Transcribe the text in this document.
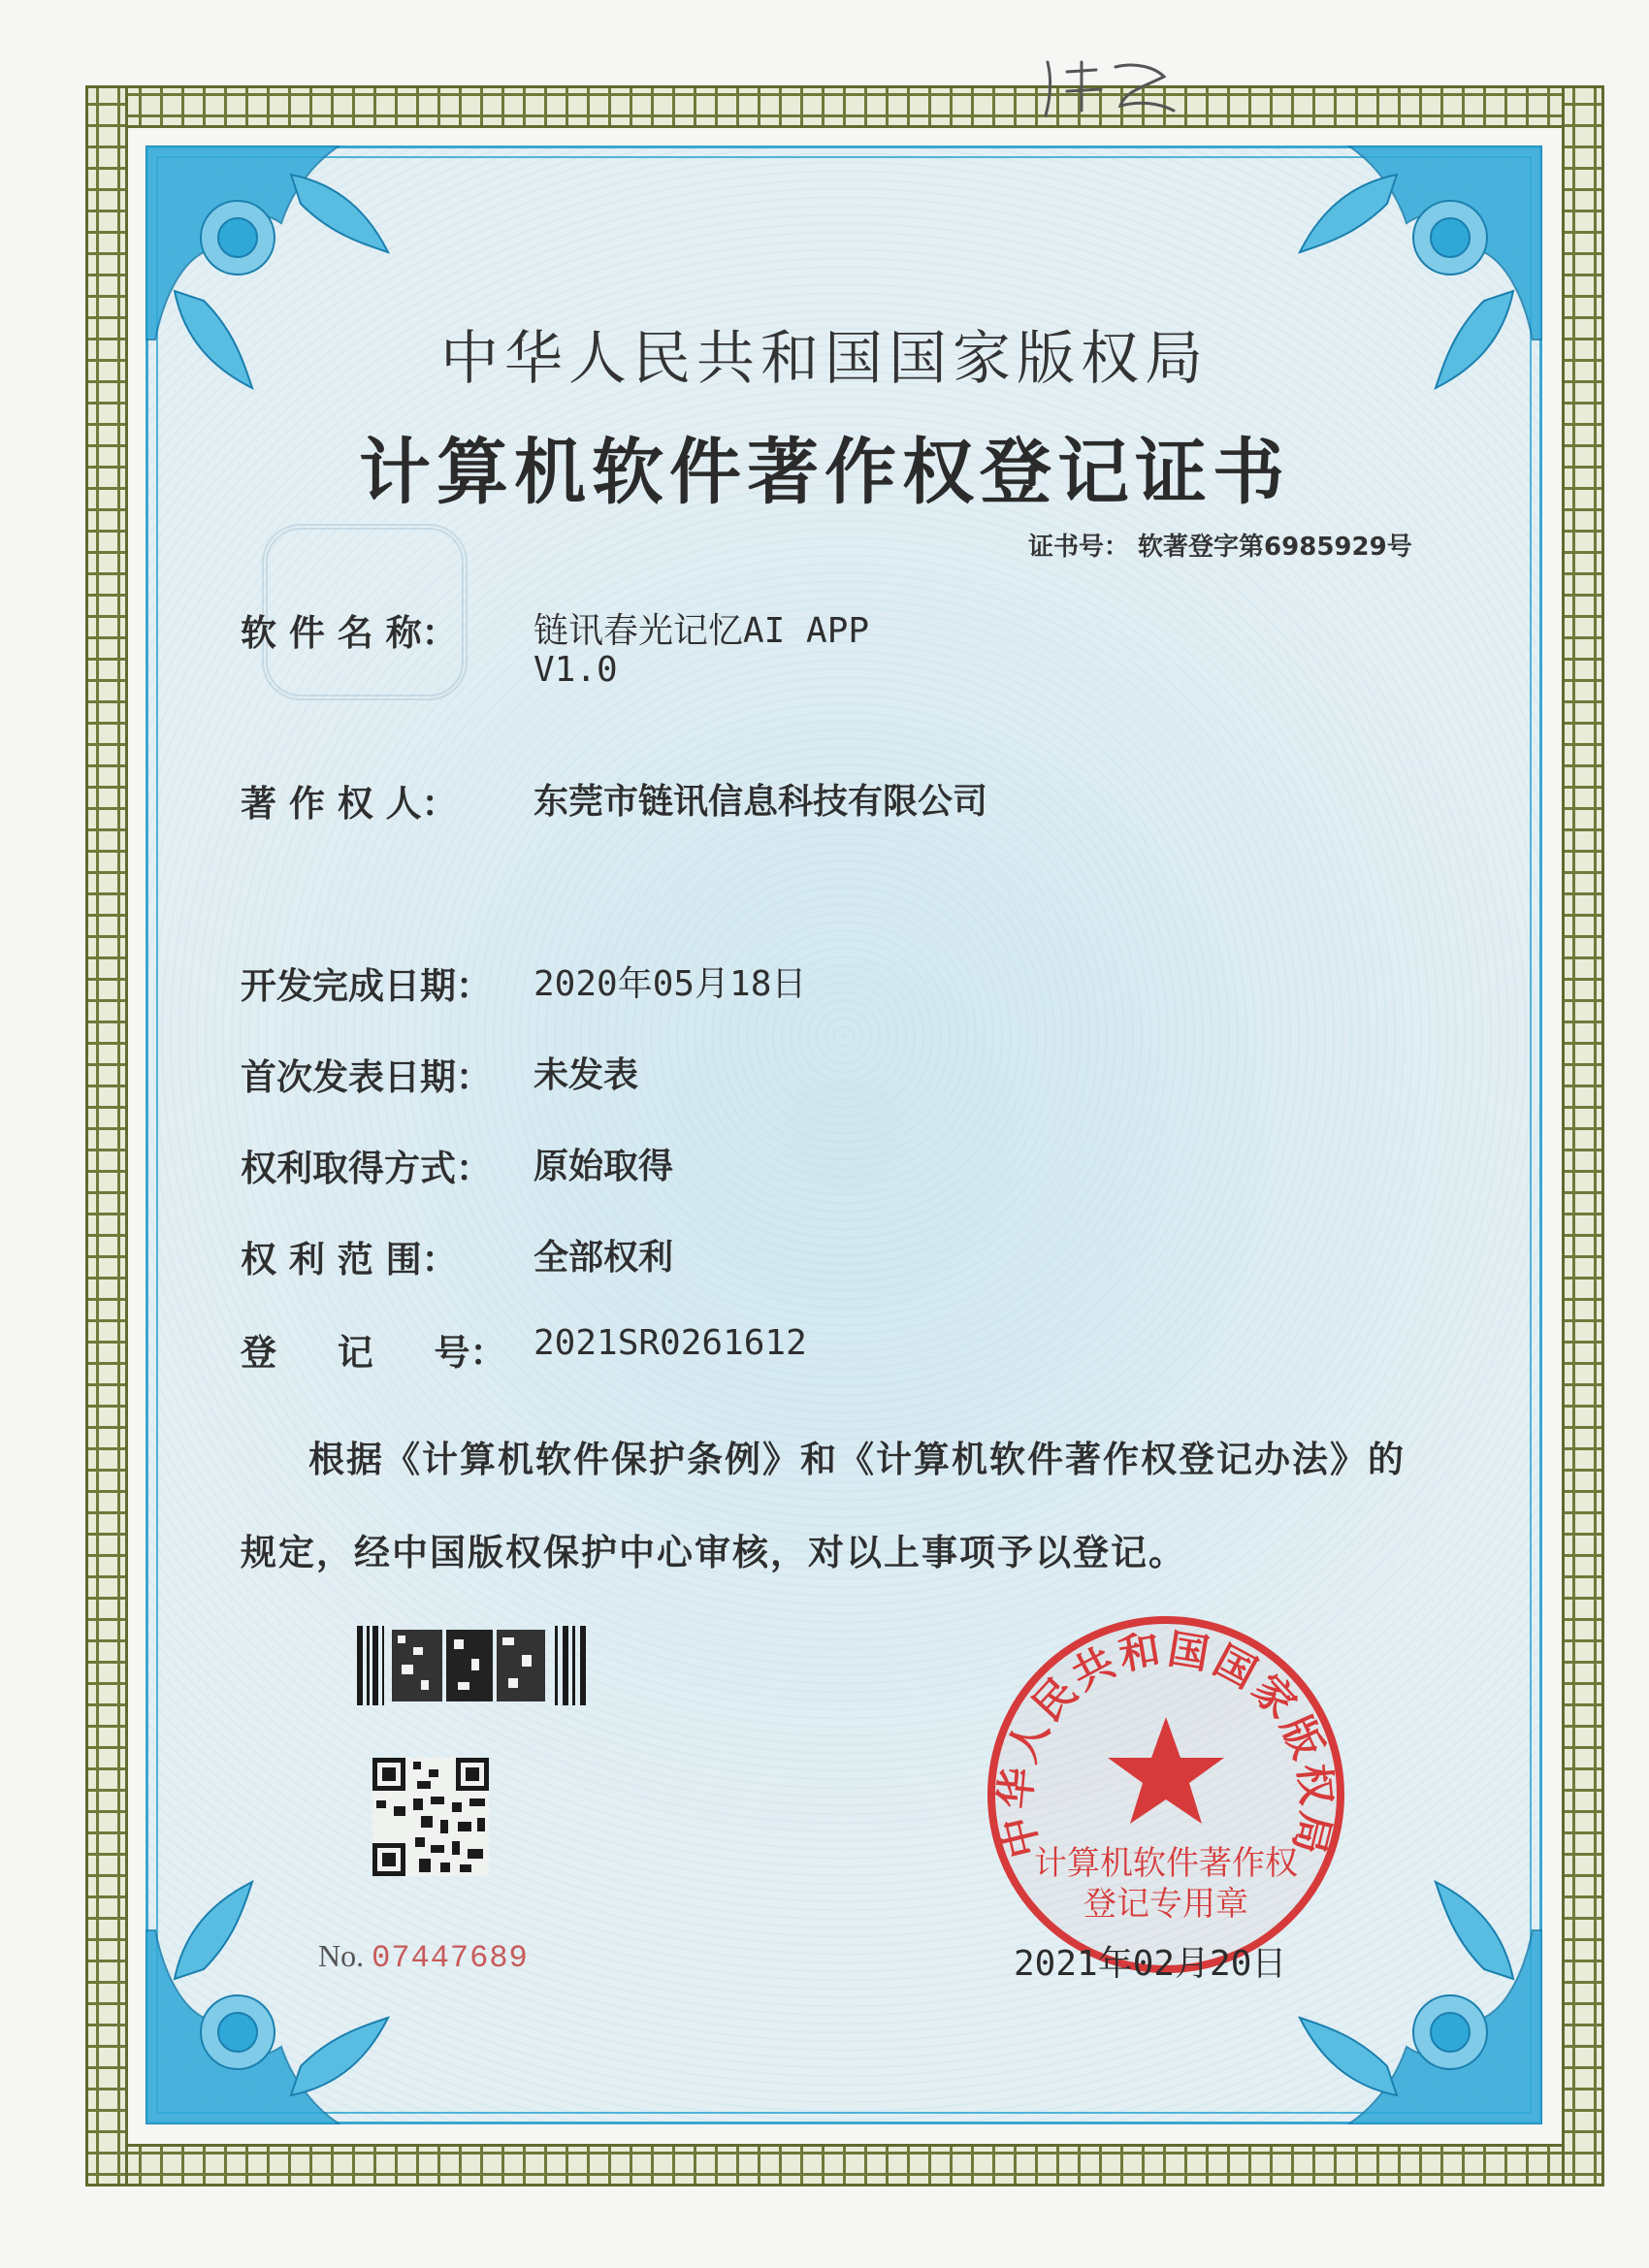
中华人民共和国国家版权局
计算机软件著作权登记证书
证书号： 软著登字第6985929号
软 件 名 称： 链讯春光记忆AI APP
V1.0
著 作 权 人： 东莞市链讯信息科技有限公司
开发完成日期： 2020年05月18日
首次发表日期： 未发表
权利取得方式： 原始取得
权 利 范 围： 全部权利
登 　 记 　 号： 2021SR0261612
根据《计算机软件保护条例》和《计算机软件著作权登记办法》的
规定，经中国版权保护中心审核，对以上事项予以登记。
中华人民共和国国家版权局
计算机软件著作权
登记专用章
No. 07447689	2021年02月20日
